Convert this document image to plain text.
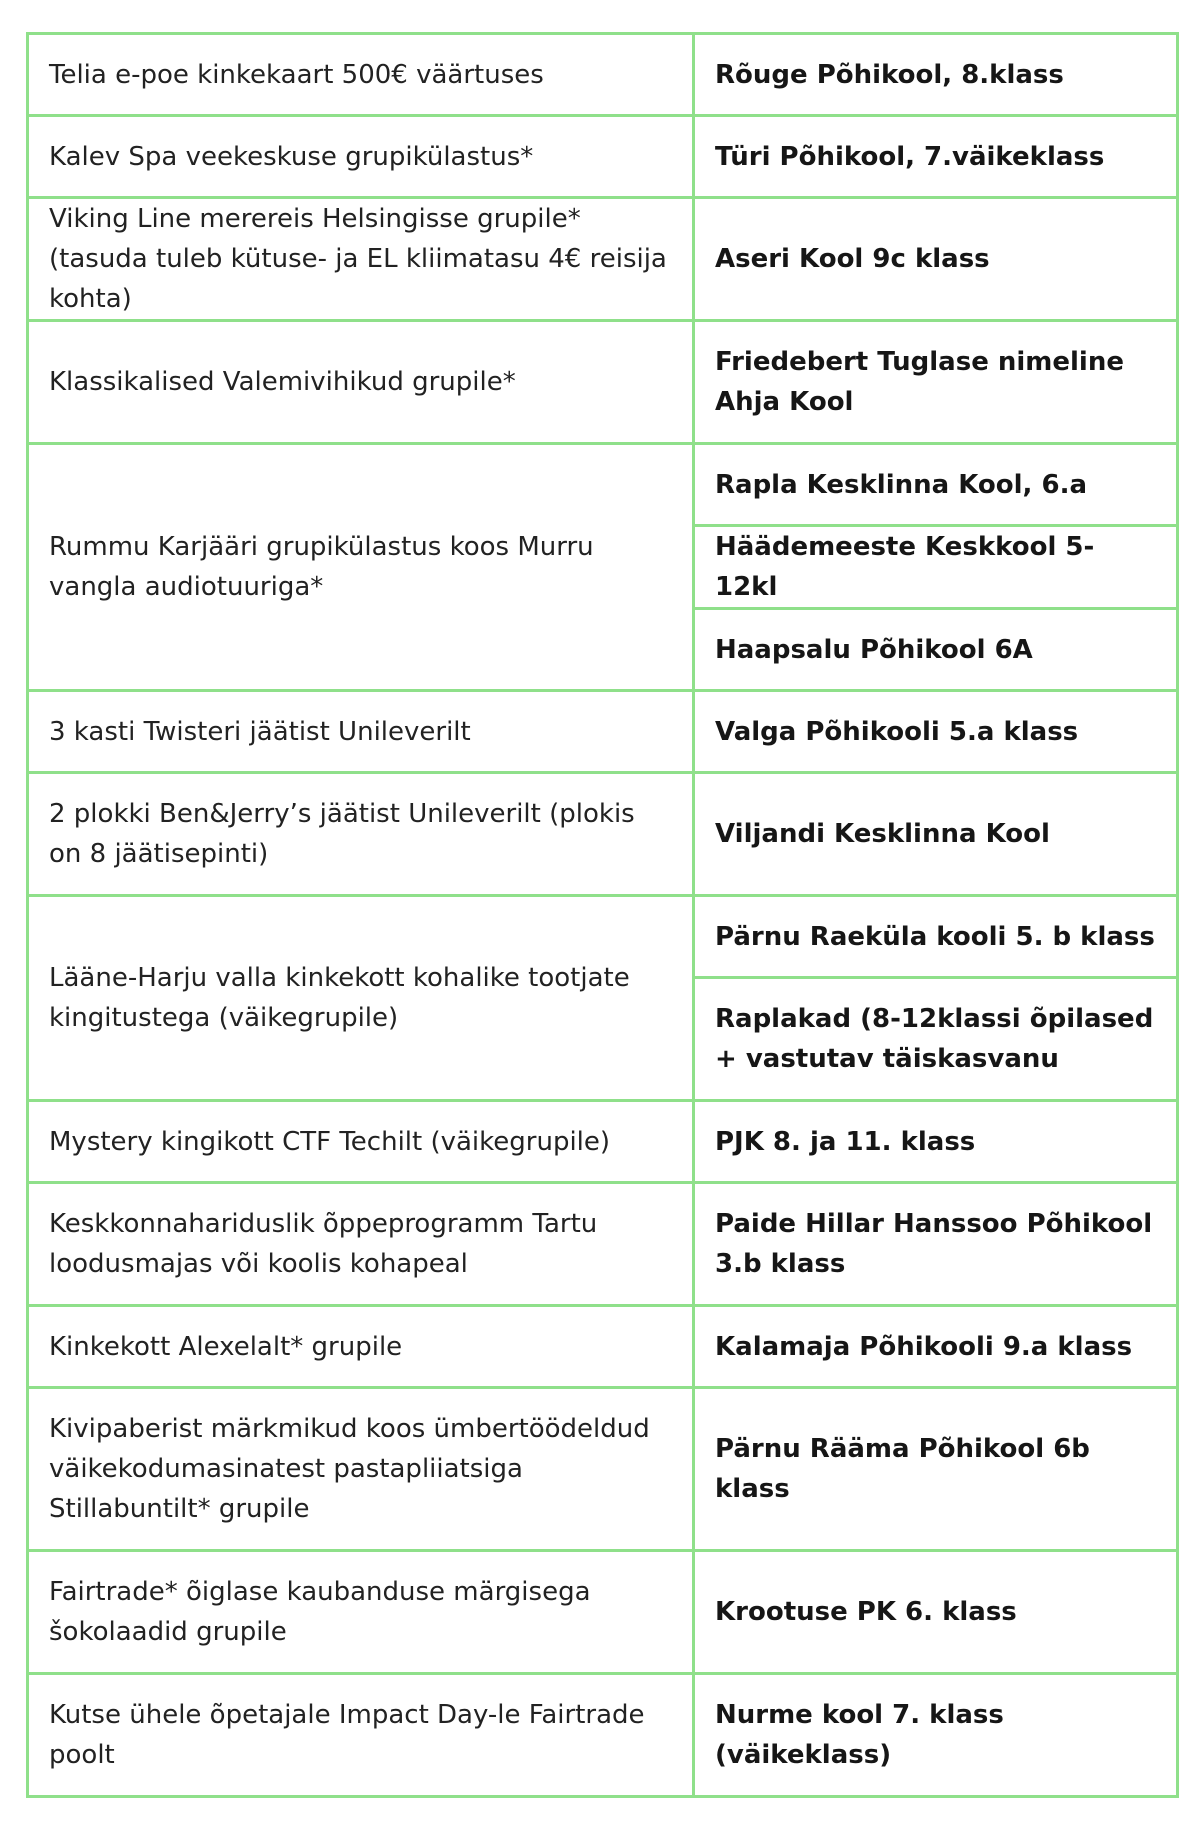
Telia e-poe kinkekaart 500€ väärtuses	Rõuge Põhikool, 8.klass
Kalev Spa veekeskuse grupikülastus*	Türi Põhikool, 7.väikeklass
Viking Line merereis Helsingisse grupile* (tasuda tuleb kütuse- ja EL kliimatasu 4€ reisija kohta)	Aseri Kool 9c klass
Klassikalised Valemivihikud grupile*	Friedebert Tuglase nimeline Ahja Kool
Rummu Karjääri grupikülastus koos Murru vangla audiotuuriga*	Rapla Kesklinna Kool, 6.a
	Häädemeeste Keskkool 5-12kl
	Haapsalu Põhikool 6A
3 kasti Twisteri jäätist Unileverilt	Valga Põhikooli 5.a klass
2 plokki Ben&Jerry’s jäätist Unileverilt (plokis on 8 jäätisepinti)	Viljandi Kesklinna Kool
Lääne-Harju valla kinkekott kohalike tootjate kingitustega (väikegrupile)	Pärnu Raeküla kooli 5. b klass
	Raplakad (8-12klassi õpilased + vastutav täiskasvanu
Mystery kingikott CTF Techilt (väikegrupile)	PJK 8. ja 11. klass
Keskkonnahariduslik õppeprogramm Tartu loodusmajas või koolis kohapeal	Paide Hillar Hanssoo Põhikool 3.b klass
Kinkekott Alexelalt* grupile	Kalamaja Põhikooli 9.a klass
Kivipaberist märkmikud koos ümbertöödeldud väikekodumasinatest pastapliiatsiga Stillabuntilt* grupile	Pärnu Rääma Põhikool 6b klass
Fairtrade* õiglase kaubanduse märgisega šokolaadid grupile	Krootuse PK 6. klass
Kutse ühele õpetajale Impact Day-le Fairtrade poolt	Nurme kool 7. klass (väikeklass)
